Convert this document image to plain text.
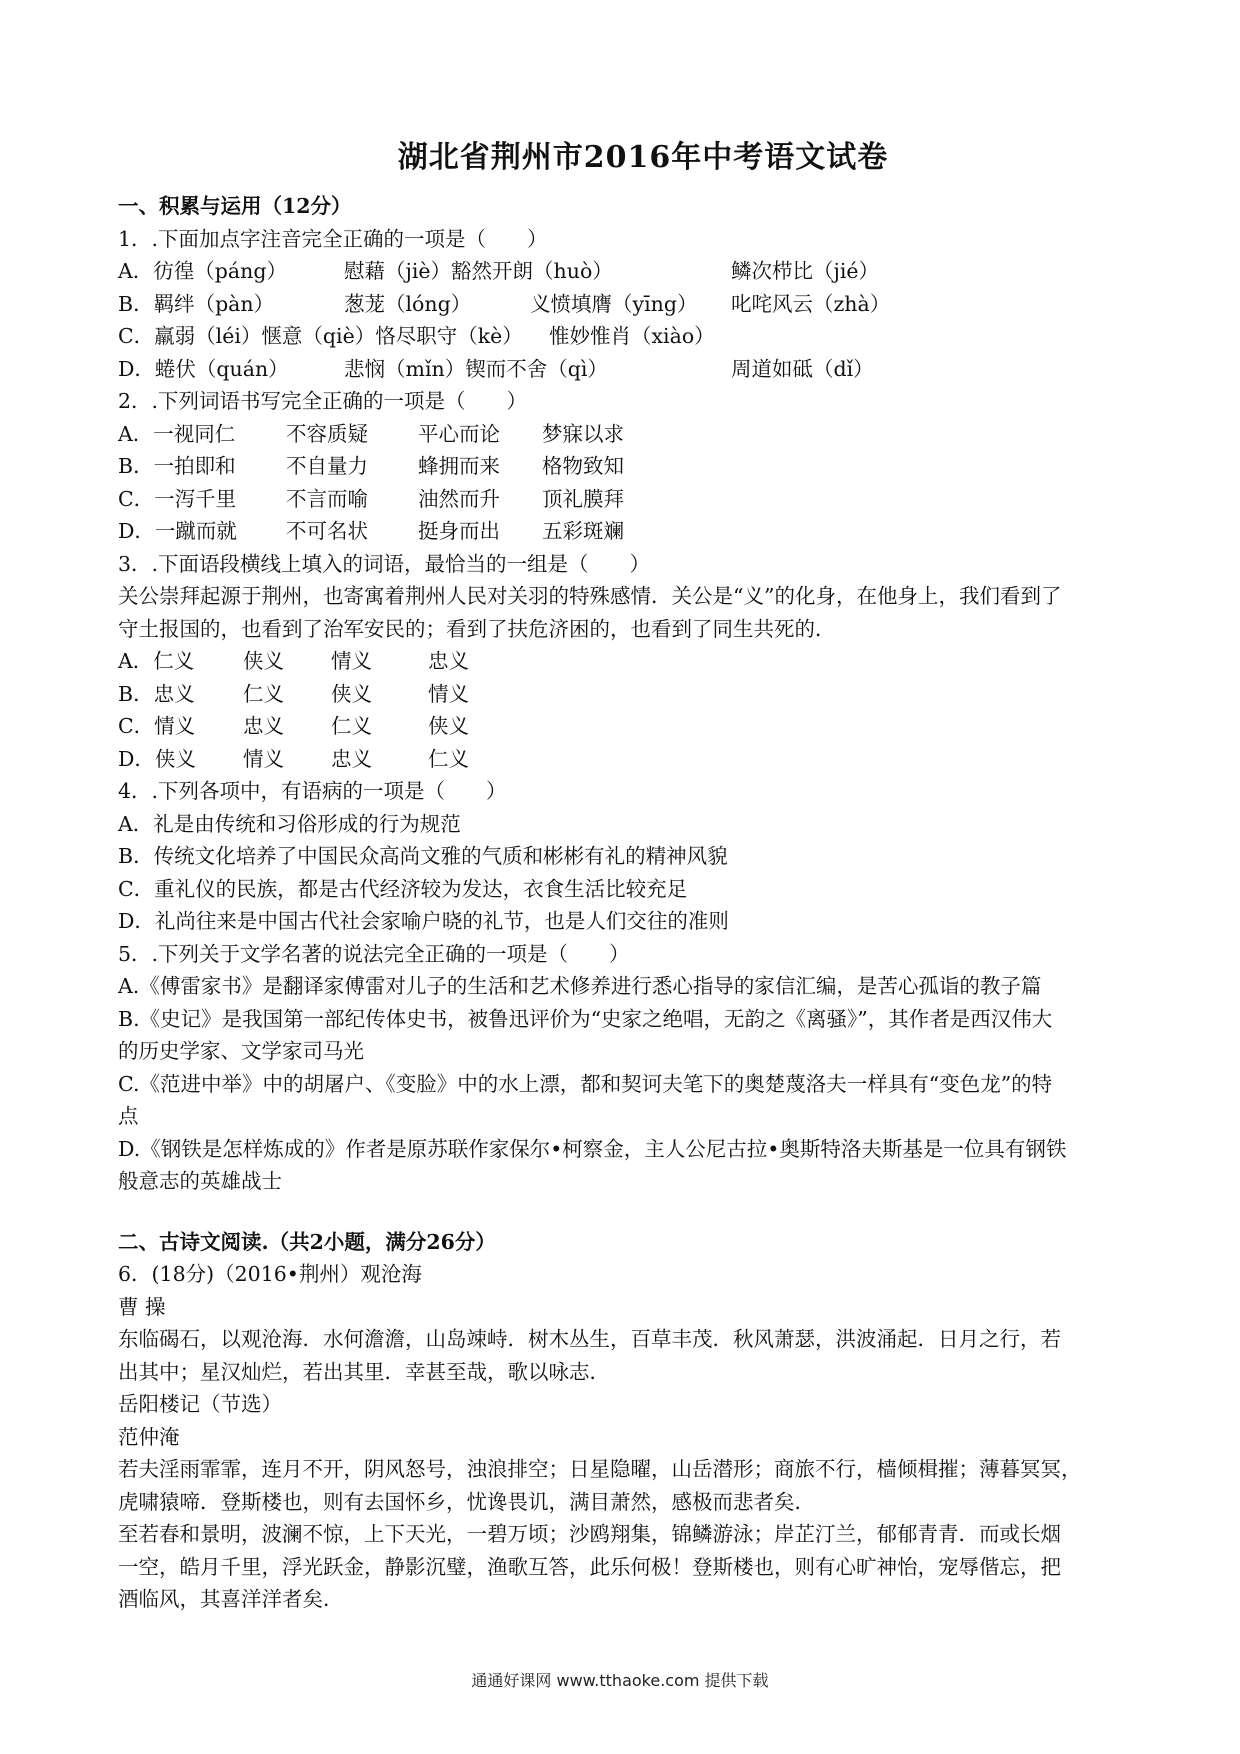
湖北省荆州市2016年中考语文试卷
一、积累与运用（12分）
1．.下面加点字注音完全正确的一项是（　　）
A．彷徨（páng）	慰藉（jiè）豁然开朗（huò）	鳞次栉比（jié）
B．羁绊（pàn）	葱茏（lóng）	义愤填膺（yīng）	叱咤风云（zhà）
C．羸弱（léi）惬意（qiè）恪尽职守（kè）	惟妙惟肖（xiào）
D．蜷伏（quán）	悲悯（mǐn）锲而不舍（qì）	周道如砥（dǐ）
2．.下列词语书写完全正确的一项是（　　）
A．一视同仁	不容质疑	平心而论	梦寐以求
B．一拍即和	不自量力	蜂拥而来	格物致知
C．一泻千里	不言而喻	油然而升	顶礼膜拜
D．一蹴而就	不可名状	挺身而出	五彩斑斓
3．.下面语段横线上填入的词语，最恰当的一组是（　　）
关公崇拜起源于荆州，也寄寓着荆州人民对关羽的特殊感情．关公是“义”的化身，在他身上，我们看到了
守土报国的，也看到了治军安民的；看到了扶危济困的，也看到了同生共死的．
A．仁义	侠义	情义	忠义
B．忠义	仁义	侠义	情义
C．情义	忠义	仁义	侠义
D．侠义	情义	忠义	仁义
4．.下列各项中，有语病的一项是（　　）
A．礼是由传统和习俗形成的行为规范
B．传统文化培养了中国民众高尚文雅的气质和彬彬有礼的精神风貌
C．重礼仪的民族，都是古代经济较为发达，衣食生活比较充足
D．礼尚往来是中国古代社会家喻户晓的礼节，也是人们交往的准则
5．.下列关于文学名著的说法完全正确的一项是（　　）
A.《傅雷家书》是翻译家傅雷对儿子的生活和艺术修养进行悉心指导的家信汇编，是苦心孤诣的教子篇
B.《史记》是我国第一部纪传体史书，被鲁迅评价为“史家之绝唱，无韵之《离骚》”，其作者是西汉伟大
的历史学家、文学家司马光
C.《范进中举》中的胡屠户、《变脸》中的水上漂，都和契诃夫笔下的奥楚蔑洛夫一样具有“变色龙”的特
点
D.《钢铁是怎样炼成的》作者是原苏联作家保尔•柯察金，主人公尼古拉•奥斯特洛夫斯基是一位具有钢铁
般意志的英雄战士
二、古诗文阅读.（共2小题，满分26分）
6．(18分)（2016•荆州）观沧海
曹 操
东临碣石，以观沧海．水何澹澹，山岛竦峙．树木丛生，百草丰茂．秋风萧瑟，洪波涌起．日月之行，若
出其中；星汉灿烂，若出其里．幸甚至哉，歌以咏志．
岳阳楼记（节选）
范仲淹
若夫淫雨霏霏，连月不开，阴风怒号，浊浪排空；日星隐曜，山岳潜形；商旅不行，樯倾楫摧；薄暮冥冥，
虎啸猿啼．登斯楼也，则有去国怀乡，忧谗畏讥，满目萧然，感极而悲者矣．
至若春和景明，波澜不惊，上下天光，一碧万顷；沙鸥翔集，锦鳞游泳；岸芷汀兰，郁郁青青．而或长烟
一空，皓月千里，浮光跃金，静影沉璧，渔歌互答，此乐何极！登斯楼也，则有心旷神怡，宠辱偕忘，把
酒临风，其喜洋洋者矣．
通通好课网 www.tthaoke.com 提供下载
